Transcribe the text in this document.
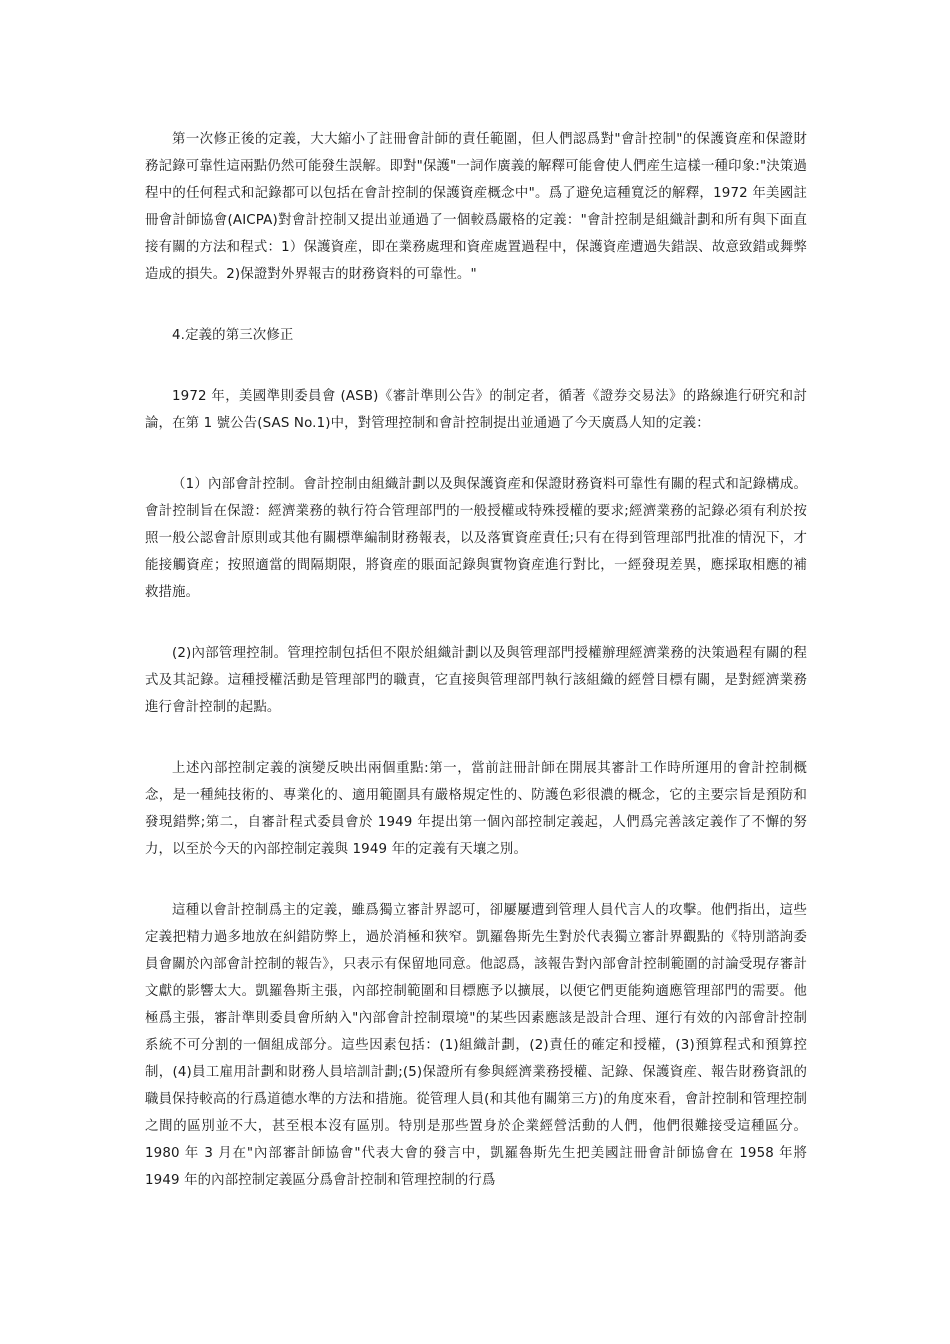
第一次修正後的定義，大大縮小了註冊會計師的責任範圍，但人們認爲對"會計控制"的保護資産和保證財務記錄可靠性這兩點仍然可能發生誤解。即對"保護"一詞作廣義的解釋可能會使人們産生這樣一種印象:"決策過程中的任何程式和記錄都可以包括在會計控制的保護資産概念中"。爲了避免這種寬泛的解釋，1972 年美國註冊會計師協會(AICPA)對會計控制又提出並通過了一個較爲嚴格的定義："會計控制是組織計劃和所有與下面直接有關的方法和程式：1）保護資産，即在業務處理和資産處置過程中，保護資産遭過失錯誤、故意致錯或舞弊造成的損失。2)保證對外界報吉的財務資料的可靠性。"

4.定義的第三次修正

1972 年，美國準則委員會 (ASB)《審計準則公告》的制定者，循著《證券交易法》的路線進行研究和討論，在第 1 號公告(SAS No.1)中，對管理控制和會計控制提出並通過了今天廣爲人知的定義：

（1）內部會計控制。會計控制由組織計劃以及與保護資産和保證財務資料可靠性有關的程式和記錄構成。會計控制旨在保證：經濟業務的執行符合管理部門的一般授權或特殊授權的要求;經濟業務的記錄必須有利於按照一般公認會計原則或其他有關標準編制財務報表，以及落實資産責任;只有在得到管理部門批准的情況下，才能接觸資産；按照適當的間隔期限，將資産的賬面記錄與實物資産進行對比，一經發現差異，應採取相應的補救措施。

(2)內部管理控制。管理控制包括但不限於組織計劃以及與管理部門授權辦理經濟業務的決策過程有關的程式及其記錄。這種授權活動是管理部門的職責，它直接與管理部門執行該組織的經營目標有關，是對經濟業務進行會計控制的起點。

上述內部控制定義的演變反映出兩個重點:第一，當前註冊計師在開展其審計工作時所運用的會計控制概念，是一種純技術的、專業化的、適用範圍具有嚴格規定性的、防護色彩很濃的概念，它的主要宗旨是預防和發現錯弊;第二，自審計程式委員會於 1949 年提出第一個內部控制定義起，人們爲完善該定義作了不懈的努力，以至於今天的內部控制定義與 1949 年的定義有天壤之別。

這種以會計控制爲主的定義，雖爲獨立審計界認可，卻屢屢遭到管理人員代言人的攻擊。他們指出，這些定義把精力過多地放在糾錯防弊上，過於消極和狹窄。凱羅魯斯先生對於代表獨立審計界觀點的《特別諮詢委員會關於內部會計控制的報告》，只表示有保留地同意。他認爲，該報告對內部會計控制範圍的討論受現存審計文獻的影響太大。凱羅魯斯主張，內部控制範圍和目標應予以擴展，以便它們更能夠適應管理部門的需要。他極爲主張，審計準則委員會所納入"內部會計控制環境"的某些因素應該是設計合理、運行有效的內部會計控制系統不可分割的一個組成部分。這些因素包括：(1)組織計劃，(2)責任的確定和授權，(3)預算程式和預算控制，(4)員工雇用計劃和財務人員培訓計劃;(5)保證所有參與經濟業務授權、記錄、保護資産、報告財務資訊的職員保持較高的行爲道德水準的方法和措施。從管理人員(和其他有關第三方)的角度來看，會計控制和管理控制之間的區別並不大，甚至根本沒有區別。特別是那些置身於企業經營活動的人們，他們很難接受這種區分。1980 年 3 月在"內部審計師協會"代表大會的發言中，凱羅魯斯先生把美國註冊會計師協會在 1958 年將 1949 年的內部控制定義區分爲會計控制和管理控制的行爲
